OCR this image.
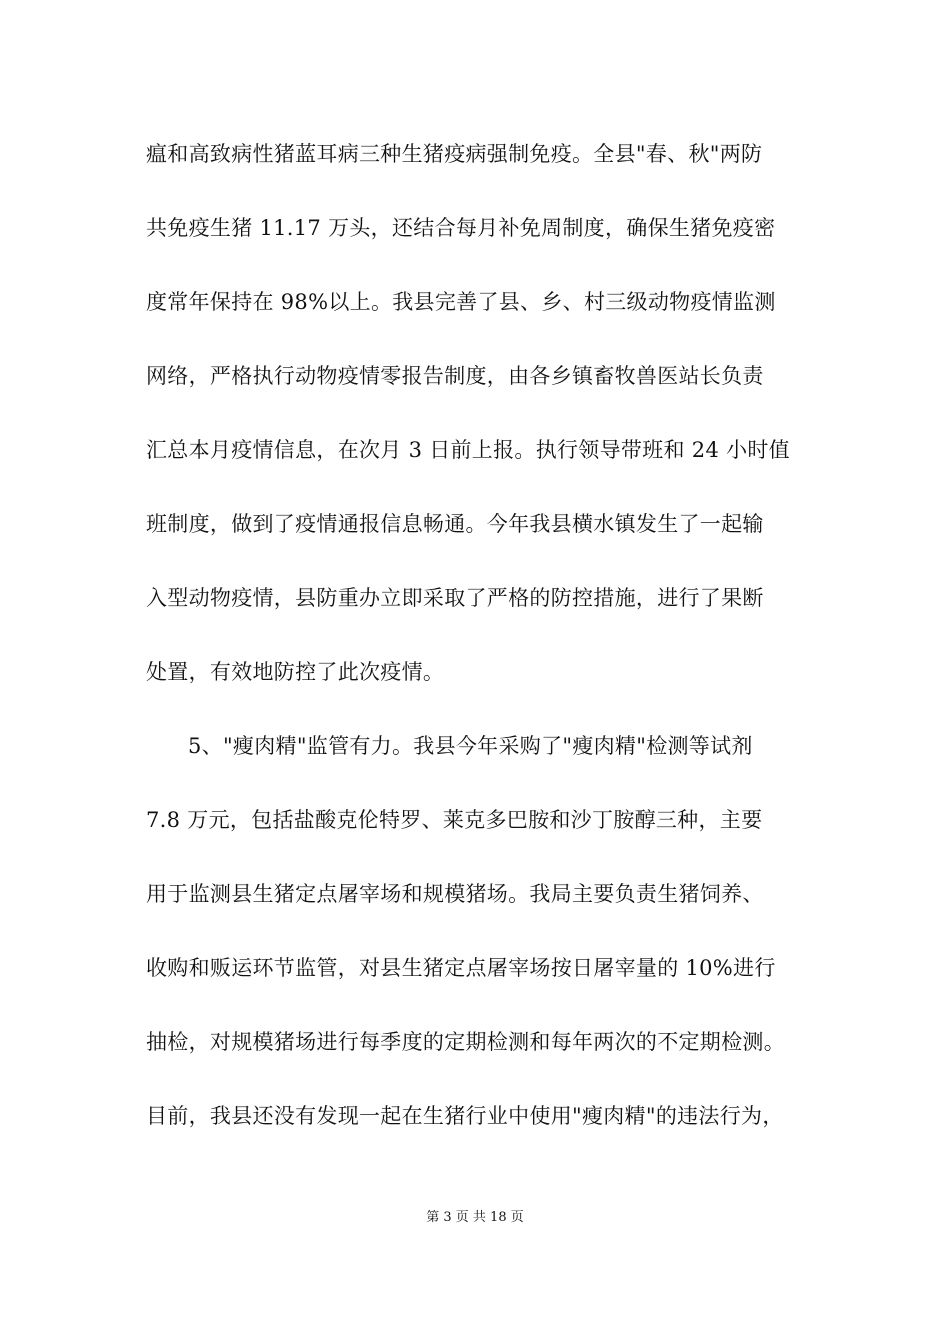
瘟和高致病性猪蓝耳病三种生猪疫病强制免疫。全县"春、秋"两防
共免疫生猪 11.17 万头，还结合每月补免周制度，确保生猪免疫密
度常年保持在 98%以上。我县完善了县、乡、村三级动物疫情监测
网络，严格执行动物疫情零报告制度，由各乡镇畜牧兽医站长负责
汇总本月疫情信息，在次月 3 日前上报。执行领导带班和 24 小时值
班制度，做到了疫情通报信息畅通。今年我县横水镇发生了一起输
入型动物疫情，县防重办立即采取了严格的防控措施，进行了果断
处置，有效地防控了此次疫情。
5、"瘦肉精"监管有力。我县今年采购了"瘦肉精"检测等试剂
7.8 万元，包括盐酸克伦特罗、莱克多巴胺和沙丁胺醇三种，主要
用于监测县生猪定点屠宰场和规模猪场。我局主要负责生猪饲养、
收购和贩运环节监管，对县生猪定点屠宰场按日屠宰量的 10%进行
抽检，对规模猪场进行每季度的定期检测和每年两次的不定期检测。
目前，我县还没有发现一起在生猪行业中使用"瘦肉精"的违法行为，
第 3 页 共 18 页
